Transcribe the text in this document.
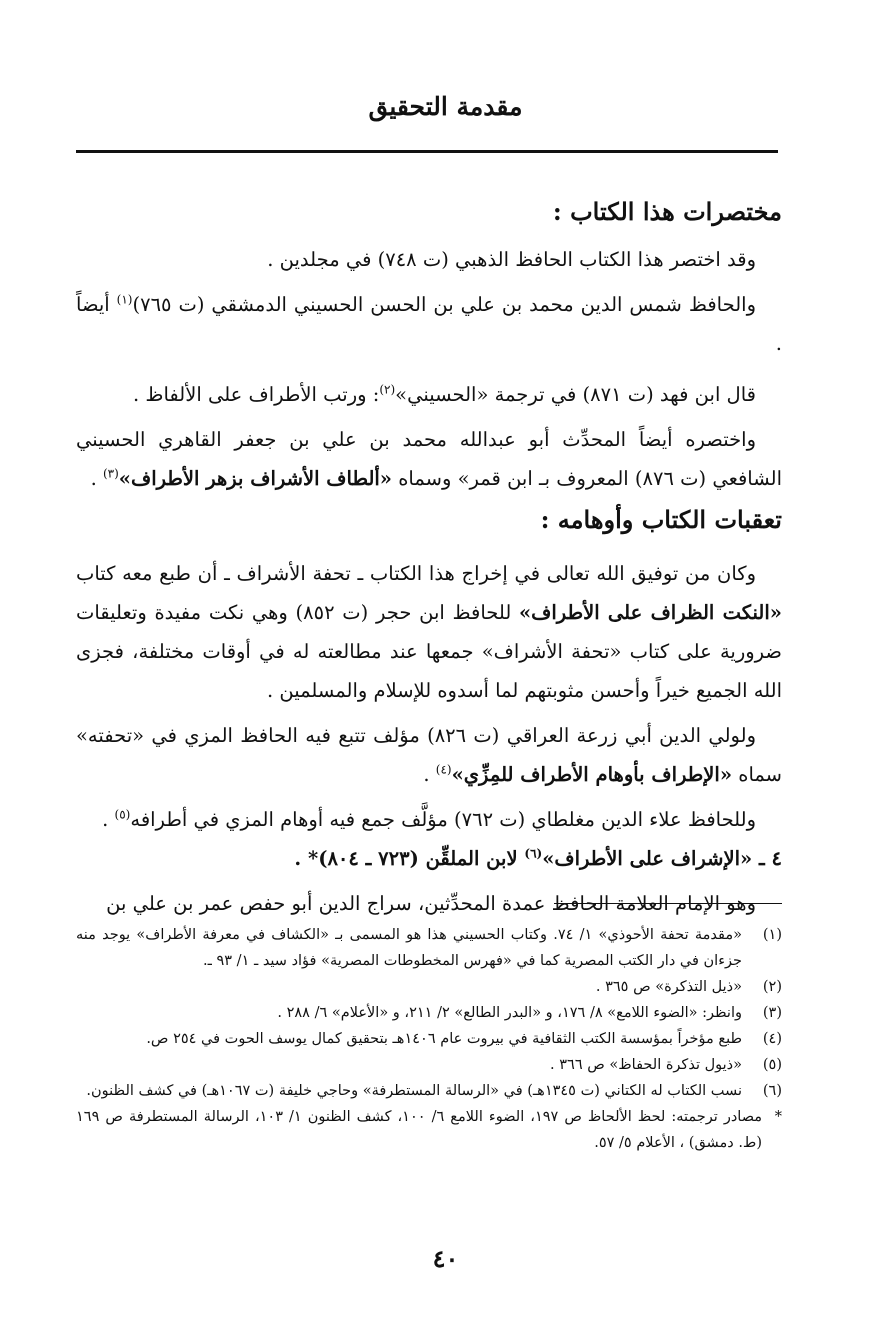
مقدمة التحقيق

مختصرات هذا الكتاب :

وقد اختصر هذا الكتاب الحافظ الذهبي (ت ٧٤٨) في مجلدين .

والحافظ شمس الدين محمد بن علي بن الحسن الحسيني الدمشقي (ت ٧٦٥)$^{(١)}$ أيضاً .

قال ابن فهد (ت ٨٧١) في ترجمة «الحسيني»$^{(٢)}$: ورتب الأطراف على الألفاظ .

واختصره أيضاً المحدِّث أبو عبدالله محمد بن علي بن جعفر القاهري الحسيني الشافعي (ت ٨٧٦) المعروف بـ ابن قمر» وسماه «ألطاف الأشراف بزهر الأطراف»$^{(٣)}$ .

تعقبات الكتاب وأوهامه :

وكان من توفيق الله تعالى في إخراج هذا الكتاب ـ تحفة الأشراف ـ أن طبع معه كتاب «النكت الظراف على الأطراف» للحافظ ابن حجر (ت ٨٥٢) وهي نكت مفيدة وتعليقات ضرورية على كتاب «تحفة الأشراف» جمعها عند مطالعته له في أوقات مختلفة، فجزى الله الجميع خيراً وأحسن مثوبتهم لما أسدوه للإسلام والمسلمين .

ولولي الدين أبي زرعة العراقي (ت ٨٢٦) مؤلف تتبع فيه الحافظ المزي في «تحفته» سماه «الإطراف بأوهام الأطراف للمِزِّي»$^{(٤)}$ .

وللحافظ علاء الدين مغلطاي (ت ٧٦٢) مؤلَّف جمع فيه أوهام المزي في أطرافه$^{(٥)}$ .

٤ ـ «الإشراف على الأطراف»$^{(٦)}$ لابن الملقِّن (٧٢٣ ـ ٨٠٤)* .

وهو الإمام العلامة الحافظ عمدة المحدِّثين، سراج الدين أبو حفص عمر بن علي بن

(١)
«مقدمة تحفة الأحوذي» ١/ ٧٤. وكتاب الحسيني هذا هو المسمى بـ «الكشاف في معرفة الأطراف» يوجد منه جزءان في دار الكتب المصرية كما في «فهرس المخطوطات المصرية» فؤاد سيد ـ ١/ ٩٣ ـ.

(٢)
«ذيل التذكرة» ص ٣٦٥ .

(٣)
وانظر: «الضوء اللامع» ٨/ ١٧٦، و «البدر الطالع» ٢/ ٢١١، و «الأعلام» ٦/ ٢٨٨ .

(٤)
طبع مؤخراً بمؤسسة الكتب الثقافية في بيروت عام ١٤٠٦هـ بتحقيق كمال يوسف الحوت في ٢٥٤ ص.

(٥)
«ذيول تذكرة الحفاظ» ص ٣٦٦ .

(٦)
نسب الكتاب له الكتاني (ت ١٣٤٥هـ) في «الرسالة المستطرفة» وحاجي خليفة (ت ١٠٦٧هـ) في كشف الظنون.

*
مصادر ترجمته: لحظ الألحاظ ص ١٩٧، الضوء اللامع ٦/ ١٠٠، كشف الظنون ١/ ١٠٣، الرسالة المستطرفة ص ١٦٩ (ط. دمشق) ، الأعلام ٥/ ٥٧.

٤٠
